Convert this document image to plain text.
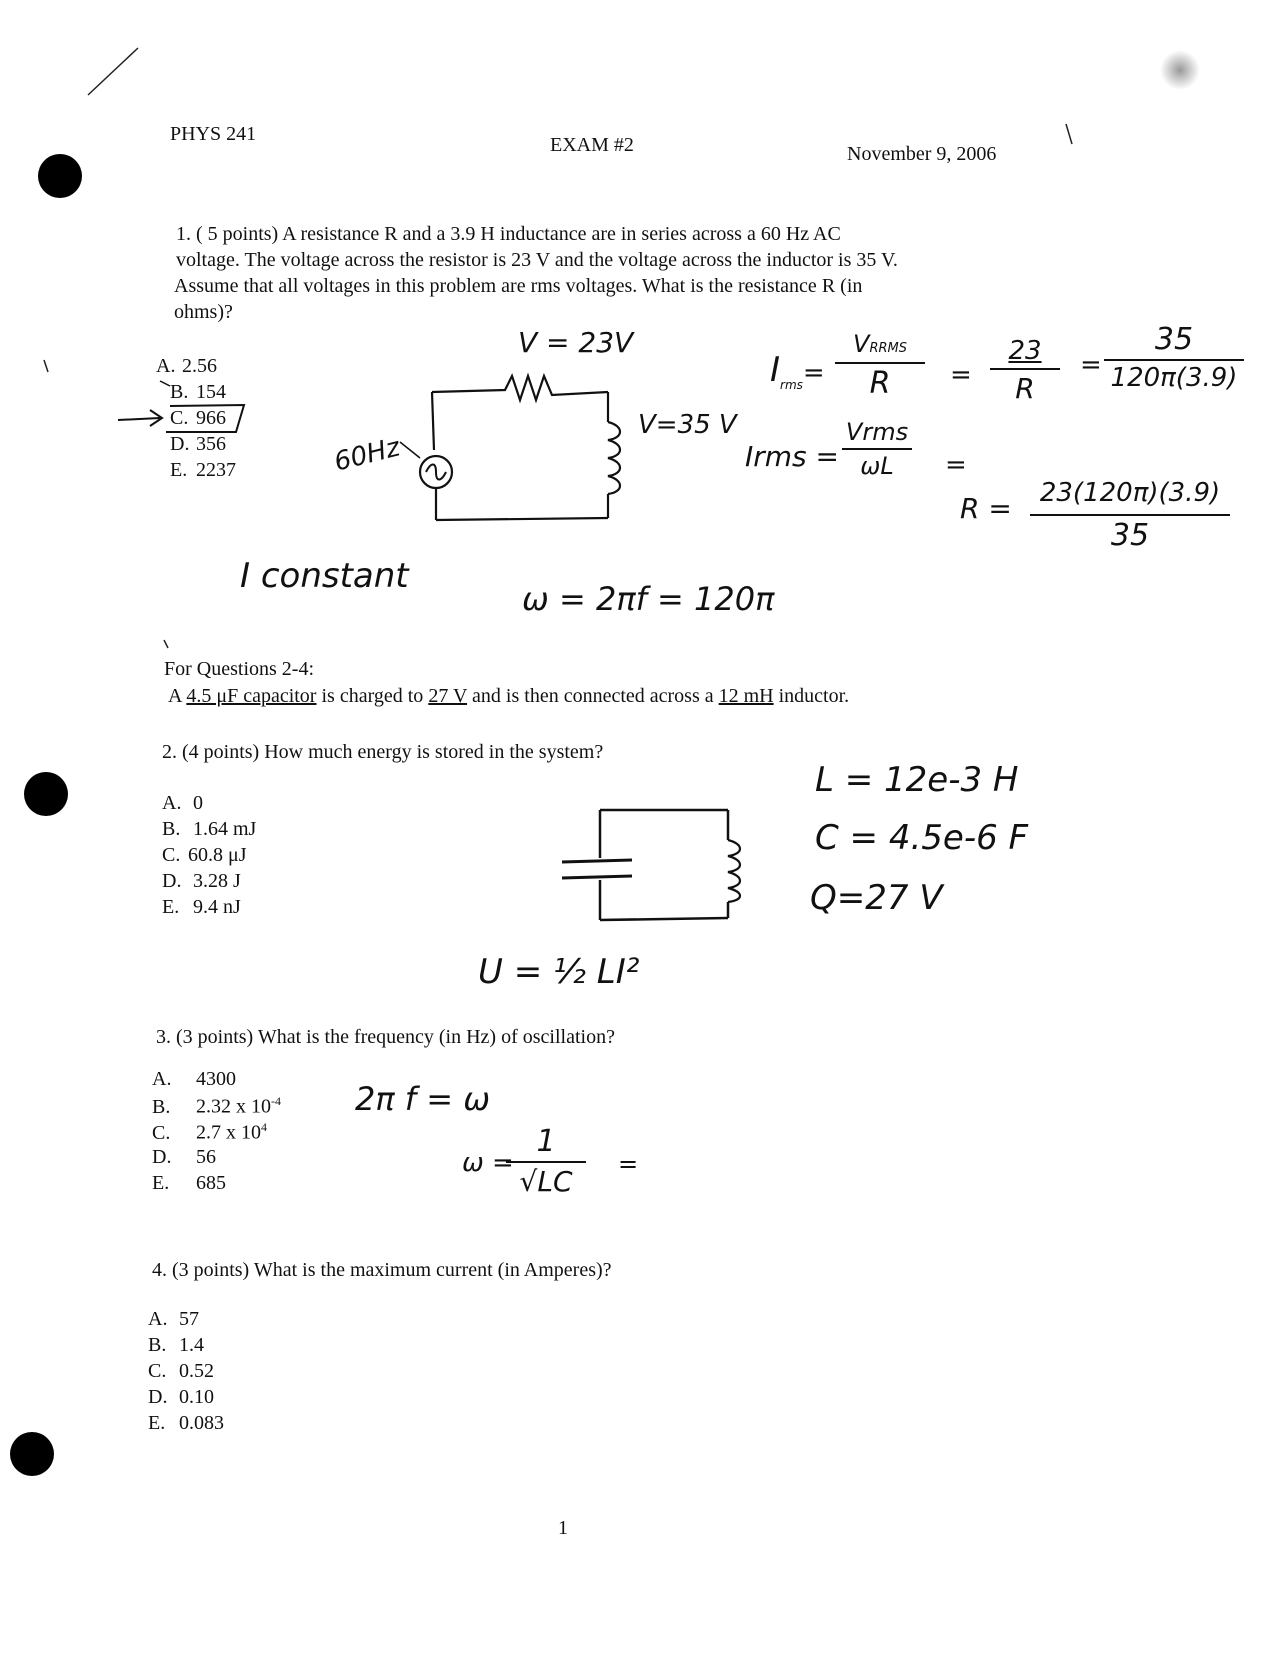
PHYS 241	EXAM #2	November 9, 2006
1. ( 5 points) A resistance R and a 3.9 H inductance are in series across a 60 Hz AC
voltage. The voltage across the resistor is 23 V and the voltage across the inductor is 35 V.
Assume that all voltages in this problem are rms voltages. What is the resistance R (in
ohms)?
A. 2.56
B. 154
C. 966
D. 356
E. 2237
V = 23V
V=35 V
60Hz
$I_{rms}=$
VRRMS
R	= $\frac{23}{R}$ =
35
120π(3.9)
Irms =
Vrms
ωL	=
R =	23(120π)(3.9)
35
I constant
ω = 2πf = 120π
For Questions 2-4:
A 4.5 μF capacitor is charged to 27 V and is then connected across a 12 mH inductor.
2. (4 points) How much energy is stored in the system?
A. 0
B. 1.64 mJ
C. 60.8 μJ
D. 3.28 J
E. 9.4 nJ
L = 12e-3 H
C = 4.5e-6 F
Q=27 V
U = ½ LI²
3. (3 points) What is the frequency (in Hz) of oscillation?
A. 4300
B. 2.32 x $10^{-4}$
C. 2.7 x $10^4$
D. 56
E. 685
2π f = ω
ω =
1
√LC
=
4. (3 points) What is the maximum current (in Amperes)?
A. 57
B. 1.4
C. 0.52
D. 0.10
E. 0.083
1
